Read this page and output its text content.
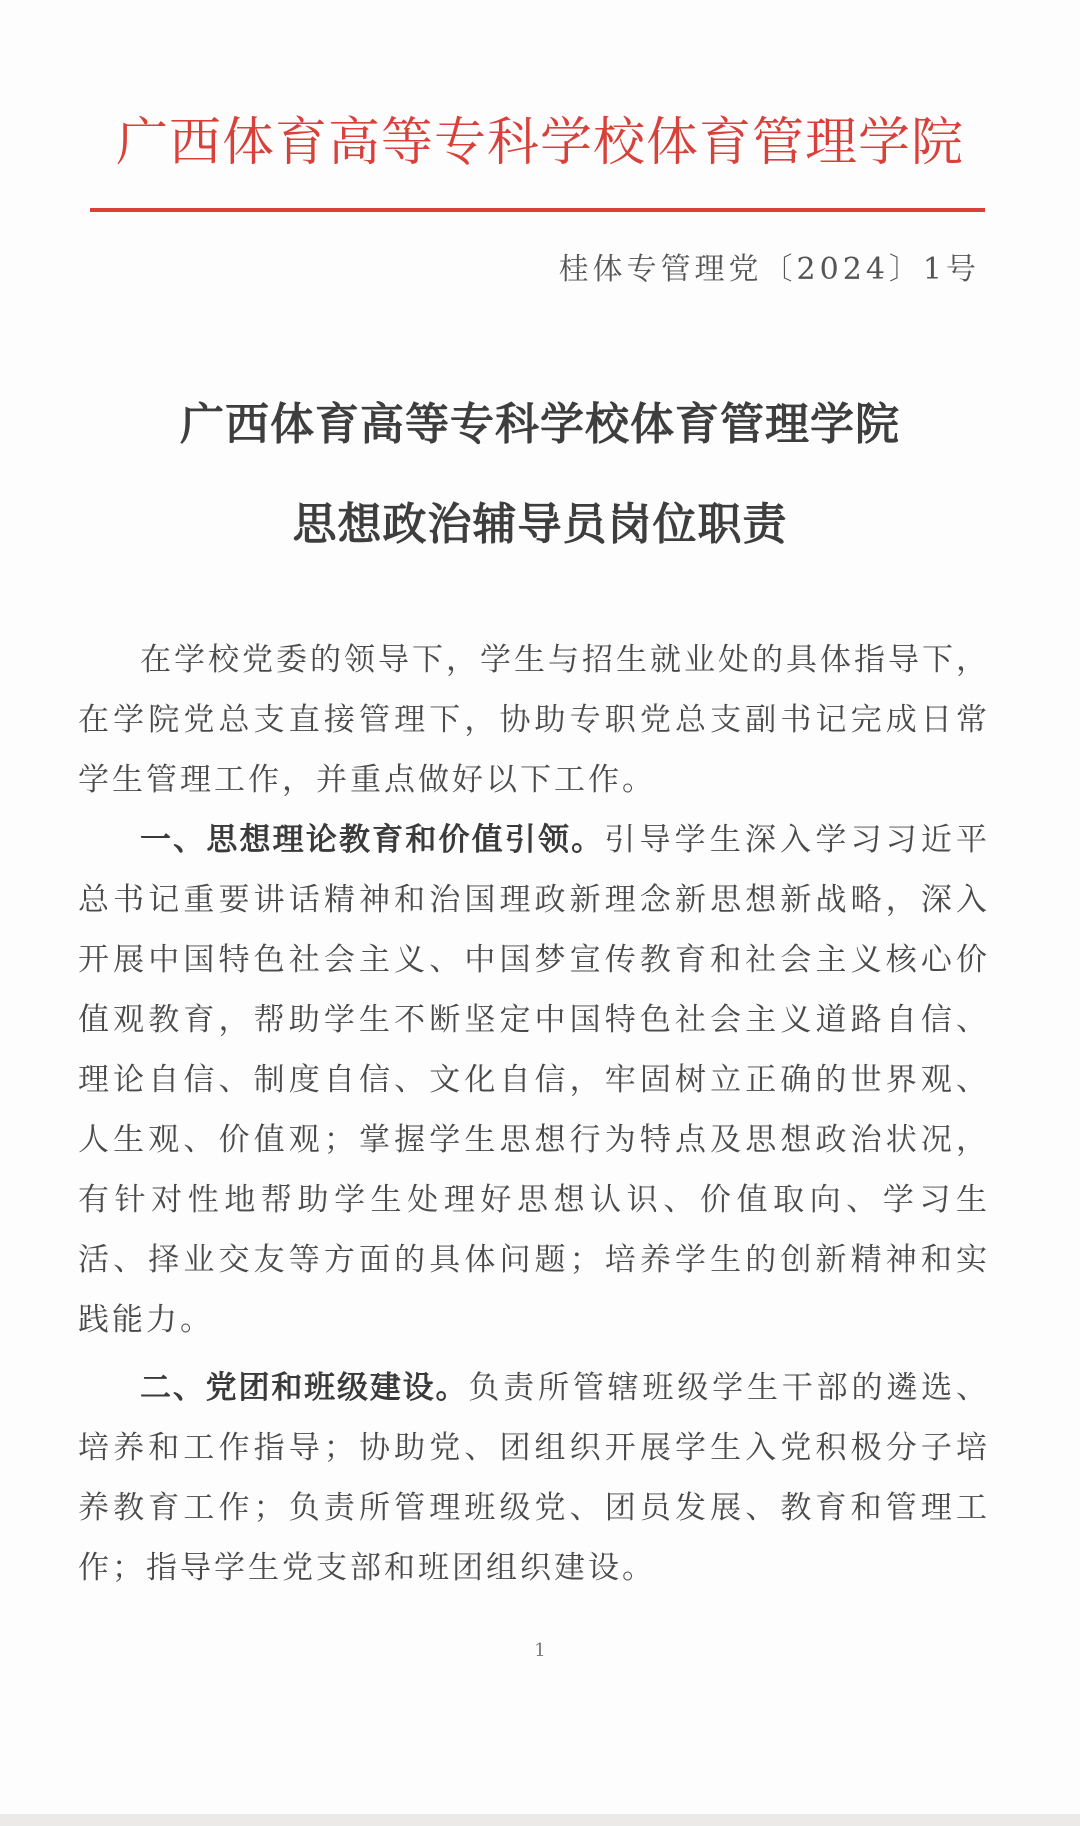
广西体育高等专科学校体育管理学院
桂体专管理党〔2024〕1号
广西体育高等专科学校体育管理学院
思想政治辅导员岗位职责

在学校党委的领导下，学生与招生就业处的具体指导下，在学院党总支直接管理下，协助专职党总支副书记完成日常学生管理工作，并重点做好以下工作。

一、思想理论教育和价值引领。引导学生深入学习习近平总书记重要讲话精神和治国理政新理念新思想新战略，深入开展中国特色社会主义、中国梦宣传教育和社会主义核心价值观教育，帮助学生不断坚定中国特色社会主义道路自信、理论自信、制度自信、文化自信，牢固树立正确的世界观、人生观、价值观；掌握学生思想行为特点及思想政治状况，有针对性地帮助学生处理好思想认识、价值取向、学习生活、择业交友等方面的具体问题；培养学生的创新精神和实践能力。

二、党团和班级建设。负责所管辖班级学生干部的遴选、培养和工作指导；协助党、团组织开展学生入党积极分子培养教育工作；负责所管理班级党、团员发展、教育和管理工作；指导学生党支部和班团组织建设。

1
